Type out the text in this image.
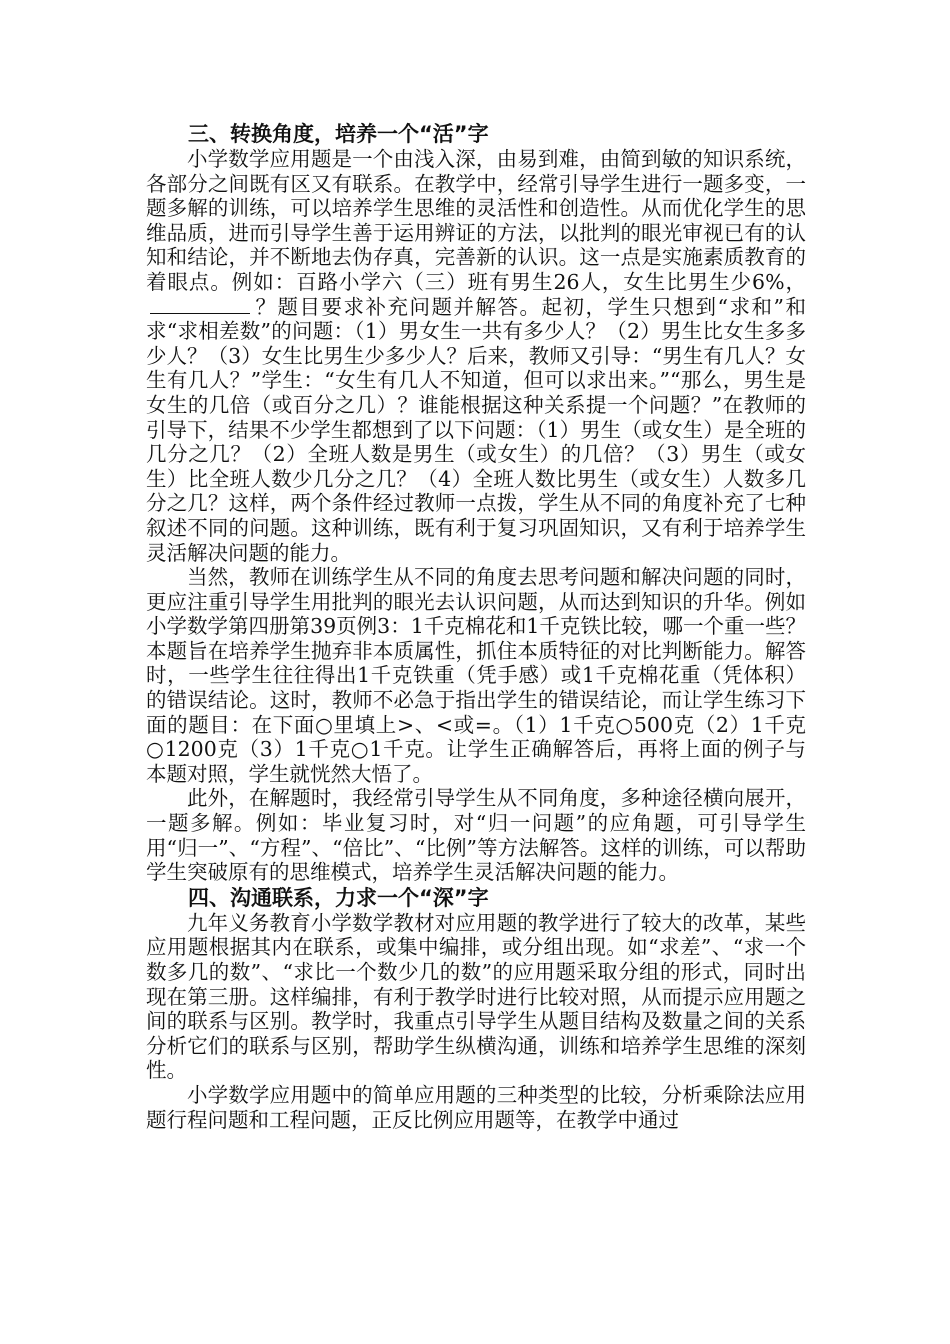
三、转换角度，培养一个“活”字

小学数学应用题是一个由浅入深，由易到难，由简到敏的知识系统，各部分之间既有区又有联系。在教学中，经常引导学生进行一题多变，一题多解的训练，可以培养学生思维的灵活性和创造性。从而优化学生的思维品质，进而引导学生善于运用辨证的方法，以批判的眼光审视已有的认知和结论，并不断地去伪存真，完善新的认识。这一点是实施素质教育的着眼点。例如：百路小学六（三）班有男生26人，女生比男生少6%，？题目要求补充问题并解答。起初，学生只想到“求和”和求“求相差数”的问题：（1）男女生一共有多少人？（2）男生比女生多多少人？（3）女生比男生少多少人？后来，教师又引导：“男生有几人？女生有几人？”学生：“女生有几人不知道，但可以求出来。”“那么，男生是女生的几倍（或百分之几）？谁能根据这种关系提一个问题？”在教师的引导下，结果不少学生都想到了以下问题：（1）男生（或女生）是全班的几分之几？（2）全班人数是男生（或女生）的几倍？（3）男生（或女生）比全班人数少几分之几？（4）全班人数比男生（或女生）人数多几分之几？这样，两个条件经过教师一点拨，学生从不同的角度补充了七种叙述不同的问题。这种训练，既有利于复习巩固知识，又有利于培养学生灵活解决问题的能力。

当然，教师在训练学生从不同的角度去思考问题和解决问题的同时，更应注重引导学生用批判的眼光去认识问题，从而达到知识的升华。例如小学数学第四册第39页例3：1千克棉花和1千克铁比较，哪一个重一些？本题旨在培养学生抛弃非本质属性，抓住本质特征的对比判断能力。解答时，一些学生往往得出1千克铁重（凭手感）或1千克棉花重（凭体积）的错误结论。这时，教师不必急于指出学生的错误结论，而让学生练习下面的题目：在下面○里填上>、<或=。（1）1千克○500克（2）1千克○1200克（3）1千克○1千克。让学生正确解答后，再将上面的例子与本题对照，学生就恍然大悟了。

此外，在解题时，我经常引导学生从不同角度，多种途径横向展开，一题多解。例如：毕业复习时，对“归一问题”的应角题，可引导学生用“归一”、“方程”、“倍比”、“比例”等方法解答。这样的训练，可以帮助学生突破原有的思维模式，培养学生灵活解决问题的能力。

四、沟通联系，力求一个“深”字

九年义务教育小学数学教材对应用题的教学进行了较大的改革，某些应用题根据其内在联系，或集中编排，或分组出现。如“求差”、“求一个数多几的数”、“求比一个数少几的数”的应用题采取分组的形式，同时出现在第三册。这样编排，有利于教学时进行比较对照，从而提示应用题之间的联系与区别。教学时，我重点引导学生从题目结构及数量之间的关系分析它们的联系与区别，帮助学生纵横沟通，训练和培养学生思维的深刻性。

小学数学应用题中的简单应用题的三种类型的比较，分析乘除法应用题行程问题和工程问题，正反比例应用题等，在教学中通过
